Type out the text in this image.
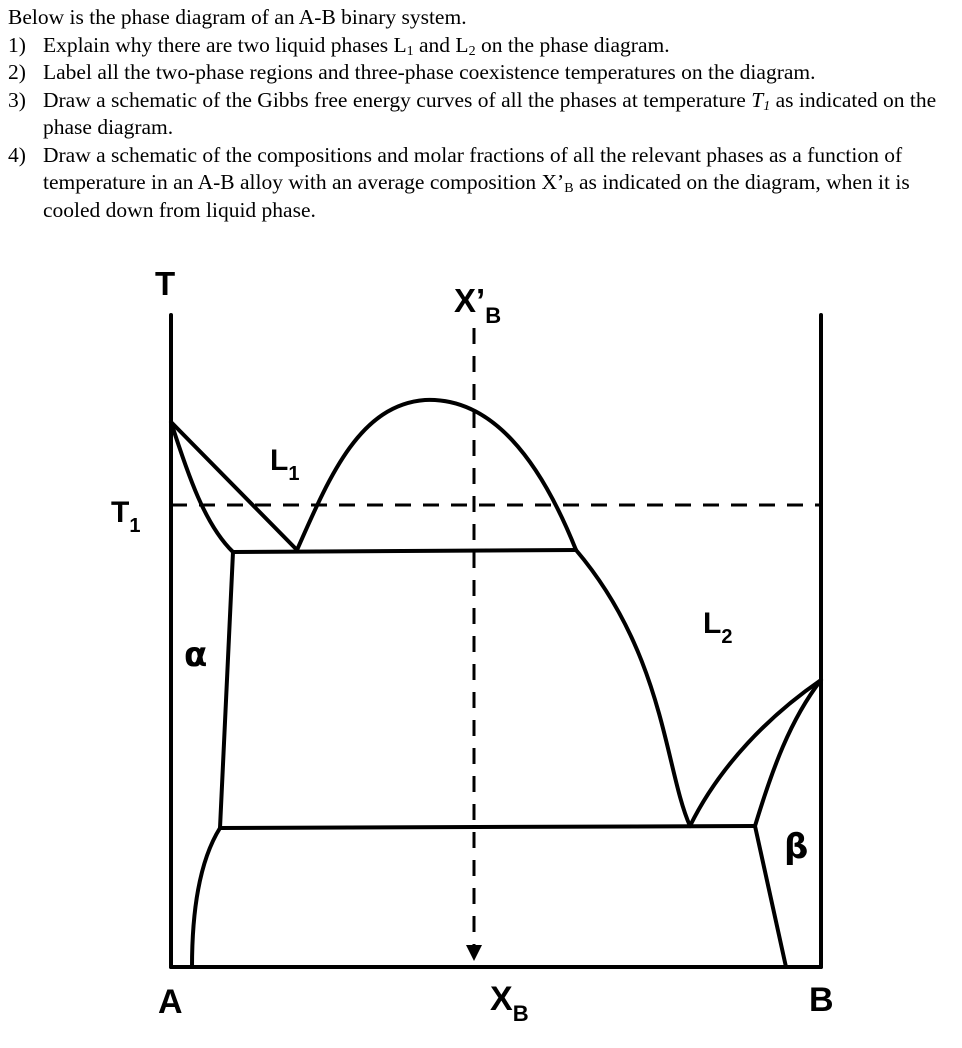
Below is the phase diagram of an A-B binary system.

1) Explain why there are two liquid phases $L_1$ and $L_2$ on the phase diagram.
2) Label all the two-phase regions and three-phase coexistence temperatures on the diagram.
3) Draw a schematic of the Gibbs free energy curves of all the phases at temperature $T_1$ as indicated on the phase diagram.
4) Draw a schematic of the compositions and molar fractions of all the relevant phases as a function of temperature in an A-B alloy with an average composition $X’_B$ as indicated on the diagram, when it is cooled down from liquid phase.
T
$T_1$
$X’_B$
$L_1$
$L_2$
α
β
A	B
$X_B$
